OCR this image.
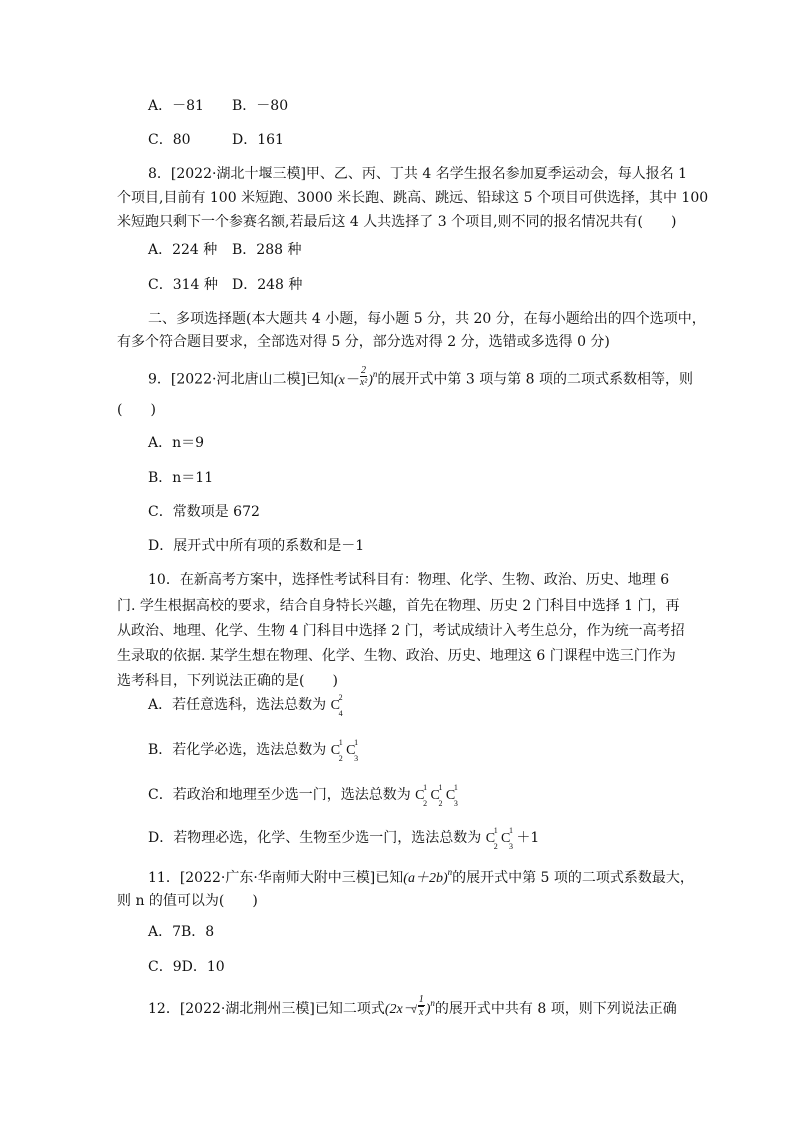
A．－81 B．－80
C．80	D．161
8．[2022·湖北十堰三模]甲、乙、丙、丁共 4 名学生报名参加夏季运动会，每人报名 1
个项目,目前有 100 米短跑、3000 米长跑、跳高、跳远、铅球这 5 个项目可供选择，其中 100
米短跑只剩下一个参赛名额,若最后这 4 人共选择了 3 个项目,则不同的报名情况共有(　　)
A．224 种 B．288 种
C．314 种 D．248 种
二、多项选择题(本大题共 4 小题，每小题 5 分，共 20 分，在每小题给出的四个选项中，
有多个符合题目要求，全部选对得 5 分，部分选对得 2 分，选错或多选得 0 分)
9．[2022·河北唐山二模]已知$(x- \frac{2}{\text{x²}} )^n$的展开式中第 3 项与第 8 项的二项式系数相等，则
(　　)
A．n＝9
B．n＝11
C．常数项是 672
D．展开式中所有项的系数和是－1
10．在新高考方案中，选择性考试科目有：物理、化学、生物、政治、历史、地理 6
门. 学生根据高校的要求，结合自身特长兴趣，首先在物理、历史 2 门科目中选择 1 门，再
从政治、地理、化学、生物 4 门科目中选择 2 门，考试成绩计入考生总分，作为统一高考招
生录取的依据. 某学生想在物理、化学、生物、政治、历史、地理这 6 门课程中选三门作为
选考科目，下列说法正确的是(　　)
A．若任意选科，选法总数为 C
2
4
B．若化学必选，选法总数为 C
1
2
C
1
3
C．若政治和地理至少选一门，选法总数为 C
1
2
C
1
2
C
1
3
D．若物理必选，化学、生物至少选一门，选法总数为 C
1
2
C
1
3
＋1
11．[2022·广东·华南师大附中三模]已知$(a+2b)^n$的展开式中第 5 项的二项式系数最大，
则 n 的值可以为(　　)
A．7B．8
C．9D．10
12．[2022·湖北荆州三模]已知二项式(2x－ 1
√ x )$^n$的展开式中共有 8 项，则下列说法正确
